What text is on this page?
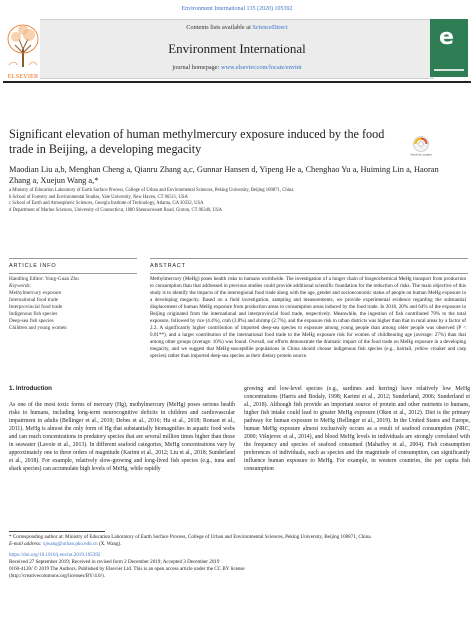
Environment International 135 (2020) 105392
ELSEVIER
Contents lists available at ScienceDirect
Environment International
journal homepage: www.elsevier.com/locate/envint
e
Significant elevation of human methylmercury exposure induced by the food trade in Beijing, a developing megacity	Check for updates
Maodian Liu a,b, Menghan Cheng a, Qianru Zhang a,c, Gunnar Hansen d, Yipeng He a, Chenghao Yu a, Huiming Lin a, Haoran Zhang a, Xuejun Wang a,*
a Ministry of Education Laboratory of Earth Surface Process, College of Urban and Environmental Sciences, Peking University, Beijing 100871, China
b School of Forestry and Environmental Studies, Yale University, New Haven, CT 06511, USA
c School of Earth and Atmospheric Sciences, Georgia Institute of Technology, Atlanta, GA 30332, USA
d Department of Marine Sciences, University of Connecticut, 1080 Shennecossett Road, Groton, CT 06340, USA
ARTICLE INFO	ABSTRACT
Handling Editor: Yong-Guan Zhu
Keywords:
Methylmercury exposure
International food trade
Interprovincial food trade
Indigenous fish species
Deep-sea fish species
Children and young women
Methylmercury (MeHg) poses health risks to humans worldwide. The investigation of a longer chain of biogeochemical MeHg transport from production to consumption than that addressed in previous studies could provide additional scientific foundation for the reduction of risks. The main objective of this study is to identify the impacts of the interregional food trade along with the age, gender and socioeconomic status of people on human MeHg exposure in a developing megacity. Based on a field investigation, sampling and measurements, we provide experimental evidence regarding the substantial displacement of human MeHg exposure from production areas to consumption areas induced by the food trade. In 2018, 20% and 64% of the exposure in Beijing originated from the international and interprovincial food trade, respectively. Meanwhile, the ingestion of fish contributed 79% to the total exposure, followed by rice (4.4%), crab (3.8%) and shrimp (2.7%), and the exposure risk in urban districts was higher than that in rural areas by a factor of 2.2. A significantly higher contribution of imported deep-sea species to exposure among young people than among older people was observed (P < 0.01**), and a larger contribution of the international food trade to the MeHg exposure risk for women of childbearing age (average: 27%) than that among other groups (average: 10%) was found. Overall, our efforts demonstrate the dramatic impact of the food trade on MeHg exposure in a developing megacity, and we suggest that MeHg-susceptible populations in China should choose indigenous fish species (e.g., hairtail, yellow croaker and carp species) rather than imported deep-sea species as their dietary protein source.
1. Introduction
As one of the most toxic forms of mercury (Hg), methylmercury (MeHg) poses serious health risks to humans, including long-term neurocognitive deficits in children and cardiovascular impairment in adults (Bellinger et al., 2019; Debes et al., 2016; Hu et al., 2018; Roman et al., 2011). MeHg is almost the only form of Hg that substantially biomagnifies in aquatic food webs and can reach concentrations in predatory species that are several million times higher than those in seawater (Lavoie et al., 2013). In different seafood categories, MeHg concentrations vary by approximately one to three orders of magnitude (Karimi et al., 2012; Liu et al., 2018; Sunderland et al., 2018). For example, relatively slow-growing and long-lived fish species (e.g., tuna and shark species) can accumulate high levels of MeHg, while rapidly
growing and low-level species (e.g., sardines and herring) have relatively low MeHg concentrations (Harris and Bodaly, 1998; Karimi et al., 2012; Sunderland, 2006; Sunderland et al., 2018). Although fish provide an important source of protein and other nutrients to humans, higher fish intake could lead to greater MeHg exposure (Oken et al., 2012). Diet is the primary pathway for human exposure to MeHg (Bellinger et al., 2019). In the United States and Europe, human MeHg exposure almost exclusively occurs as a result of seafood consumption (NRC, 2000; Višnjevec et al., 2014), and blood MeHg levels in individuals are strongly correlated with the frequency and species of seafood consumed (Mahaffey et al., 2004). Fish consumption preferences of individuals, such as species and the magnitude of consumption, can significantly influence human exposure to MeHg. For example, in western countries, the per capita fish consumption
* Corresponding author at: Ministry of Education Laboratory of Earth Surface Process, College of Urban and Environmental Sciences, Peking University, Beijing 100871, China.
E-mail address: xjwang@urban.pku.edu.cn (X. Wang).
https://doi.org/10.1016/j.envint.2019.105392
Received 27 September 2019; Received in revised form 2 December 2019; Accepted 3 December 2019
0160-4120/ © 2019 The Authors. Published by Elsevier Ltd. This is an open access article under the CC BY license
(http://creativecommons.org/licenses/BY/4.0/).
